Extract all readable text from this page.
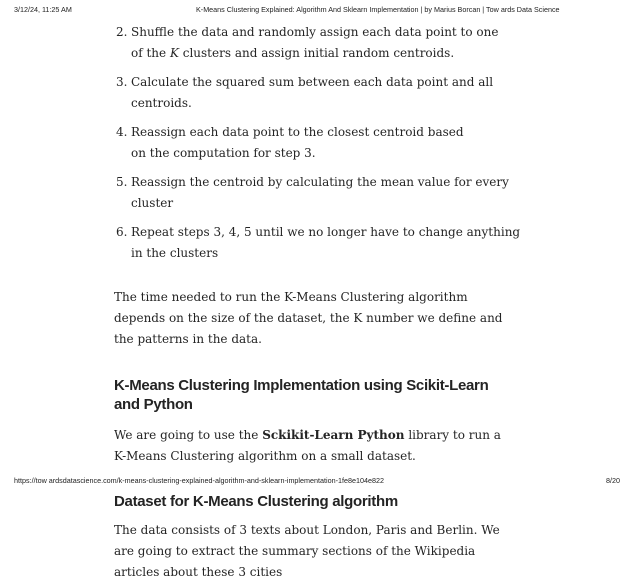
3/12/24, 11:25 AM	K-Means Clustering Explained: Algorithm And Sklearn Implementation | by Marius Borcan | Tow ards Data Science
2. Shuffle the data and randomly assign each data point to one of the K clusters and assign initial random centroids.
3. Calculate the squared sum between each data point and all centroids.
4. Reassign each data point to the closest centroid based on the computation for step 3.
5. Reassign the centroid by calculating the mean value for every cluster
6. Repeat steps 3, 4, 5 until we no longer have to change anything in the clusters

The time needed to run the K-Means Clustering algorithm depends on the size of the dataset, the K number we define and the patterns in the data.

K-Means Clustering Implementation using Scikit-Learn and Python

We are going to use the Sckikit-Learn Python library to run a K-Means Clustering algorithm on a small dataset.

Dataset for K-Means Clustering algorithm

The data consists of 3 texts about London, Paris and Berlin. We are going to extract the summary sections of the Wikipedia articles about these 3 cities

https://tow ardsdatascience.com/k-means-clustering-explained-algorithm-and-sklearn-implementation-1fe8e104e822	8/20
